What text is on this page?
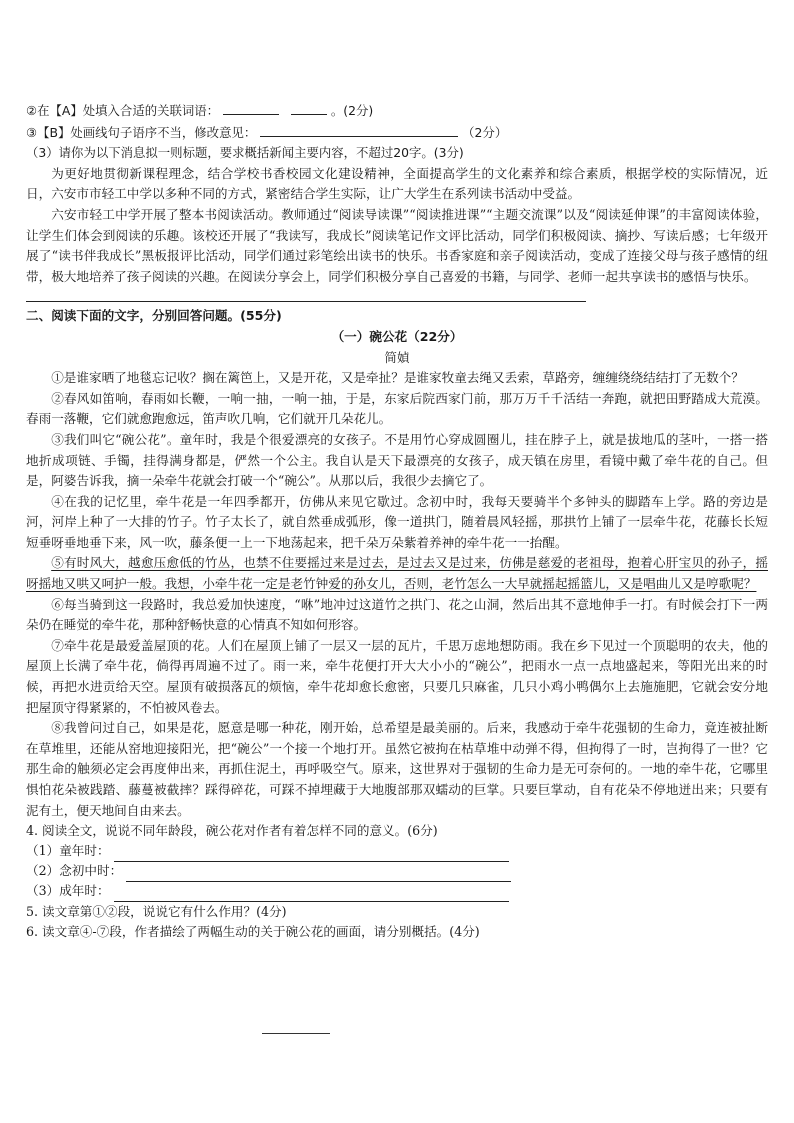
②在【A】处填入合适的关联词语：	。(2分)
③【B】处画线句子语序不当，修改意见：	（2分）
（3）请你为以下消息拟一则标题，要求概括新闻主要内容，不超过20字。(3分)

为更好地贯彻新课程理念，结合学校书香校园文化建设精神，全面提高学生的文化素养和综合素质，根据学校的实际情况，近日，六安市市轻工中学以多种不同的方式，紧密结合学生实际，让广大学生在系列读书活动中受益。

六安市轻工中学开展了整本书阅读活动。教师通过“阅读导读课”“阅读推进课”“主题交流课”以及“阅读延伸课”的丰富阅读体验，让学生们体会到阅读的乐趣。该校还开展了“我读写，我成长”阅读笔记作文评比活动，同学们积极阅读、摘抄、写读后感；七年级开展了“读书伴我成长”黑板报评比活动，同学们通过彩笔绘出读书的快乐。书香家庭和亲子阅读活动，变成了连接父母与孩子感情的纽带，极大地培养了孩子阅读的兴趣。在阅读分享会上，同学们积极分享自己喜爱的书籍，与同学、老师一起共享读书的感悟与快乐。

二、阅读下面的文字，分别回答问题。(55分)
（一）碗公花（22分）
简媜

①是谁家晒了地毯忘记收？搁在篱笆上，又是开花，又是牵扯？是谁家牧童去绳又丢索，草路旁，缠缠绕绕结结打了无数个？

②春风如笛响，春雨如长鞭，一响一抽，一响一抽，于是，东家后院西家门前，那万万千千活结一奔跑，就把田野踏成大荒漠。春雨一落鞭，它们就愈跑愈远，笛声吹几响，它们就开几朵花儿。

③我们叫它“碗公花”。童年时，我是个很爱漂亮的女孩子。不是用竹心穿成圆圈儿，挂在脖子上，就是拔地瓜的茎叶，一搭一搭地折成项链、手镯，挂得满身都是，俨然一个公主。我自认是天下最漂亮的女孩子，成天镇在房里，看镜中戴了牵牛花的自己。但是，阿婆告诉我，摘一朵牵牛花就会打破一个“碗公”。从那以后，我很少去摘它了。

④在我的记忆里，牵牛花是一年四季都开，仿佛从来见它歇过。念初中时，我每天要骑半个多钟头的脚踏车上学。路的旁边是河，河岸上种了一大排的竹子。竹子太长了，就自然垂成弧形，像一道拱门，随着晨风轻摇，那拱竹上铺了一层牵牛花，花藤长长短短垂呀垂地垂下来，风一吹，藤条便一上一下地荡起来，把千朵万朵紫着养神的牵牛花一一抬醒。

⑤有时风大，越愈压愈低的竹丛，也禁不住要摇过来是过去，是过去又是过来，仿佛是慈爱的老祖母，抱着心肝宝贝的孙子，摇呀摇地又哄又呵护一般。我想，小牵牛花一定是老竹钟爱的孙女儿，否则，老竹怎么一大早就摇起摇篮儿，又是唱曲儿又是哼歌呢？

⑥每当骑到这一段路时，我总爱加快速度，“咻”地冲过这道竹之拱门、花之山洞，然后出其不意地伸手一打。有时候会打下一两朵仍在睡觉的牵牛花，那种舒畅快意的心情真不知如何形容。

⑦牵牛花是最爱盖屋顶的花。人们在屋顶上铺了一层又一层的瓦片，千思万虑地想防雨。我在乡下见过一个顶聪明的农夫，他的屋顶上长满了牵牛花，倘得再周遍不过了。雨一来，牵牛花便打开大大小小的“碗公”，把雨水一点一点地盛起来，等阳光出来的时候，再把水进贡给天空。屋顶有破损落瓦的烦恼，牵牛花却愈长愈密，只要几只麻雀，几只小鸡小鸭偶尔上去施施肥，它就会安分地把屋顶守得紧紧的，不怕被风卷去。

⑧我曾问过自己，如果是花，愿意是哪一种花，刚开始，总希望是最美丽的。后来，我感动于牵牛花强韧的生命力，竟连被扯断在草堆里，还能从窑地迎接阳光，把“碗公”一个接一个地打开。虽然它被拘在枯草堆中动弹不得，但拘得了一时，岂拘得了一世？它那生命的触须必定会再度伸出来，再抓住泥土，再呼吸空气。原来，这世界对于强韧的生命力是无可奈何的。一地的牵牛花，它哪里惧怕花朵被践踏、藤蔓被截摔？踩得碎花，可踩不掉埋藏于大地腹部那双蠕动的巨掌。只要巨掌动，自有花朵不停地迸出来；只要有泥有土，便天地间自由来去。

4. 阅读全文，说说不同年龄段，碗公花对作者有着怎样不同的意义。(6分)
（1）童年时：
（2）念初中时：
（3）成年时：
5. 读文章第①②段，说说它有什么作用？(4分)
6. 读文章④-⑦段，作者描绘了两幅生动的关于碗公花的画面，请分别概括。(4分)
